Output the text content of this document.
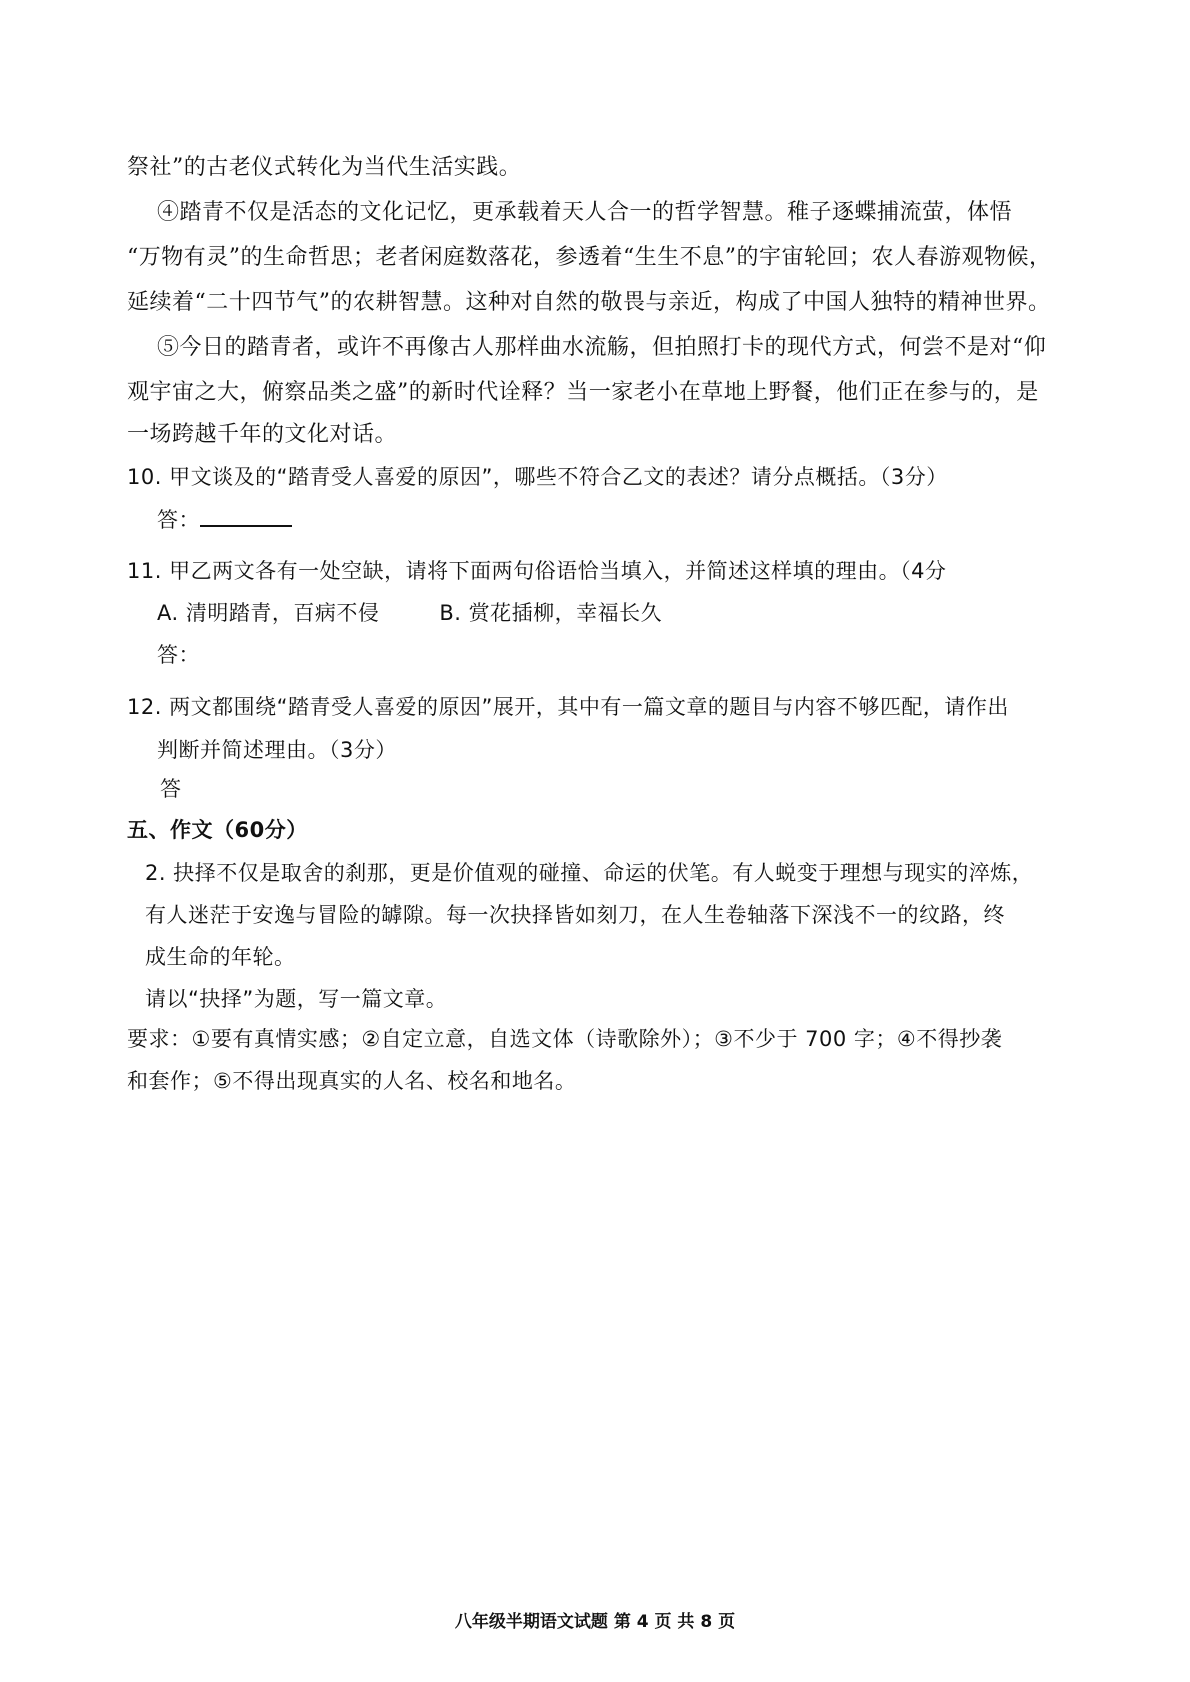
祭社”的古老仪式转化为当代生活实践。
④踏青不仅是活态的文化记忆，更承载着天人合一的哲学智慧。稚子逐蝶捕流萤，体悟
“万物有灵”的生命哲思；老者闲庭数落花，参透着“生生不息”的宇宙轮回；农人春游观物候，
延续着“二十四节气”的农耕智慧。这种对自然的敬畏与亲近，构成了中国人独特的精神世界。
⑤今日的踏青者，或许不再像古人那样曲水流觞，但拍照打卡的现代方式，何尝不是对“仰
观宇宙之大，俯察品类之盛”的新时代诠释？当一家老小在草地上野餐，他们正在参与的，是
一场跨越千年的文化对话。
10. 甲文谈及的“踏青受人喜爱的原因”，哪些不符合乙文的表述？请分点概括。（3分）
答：
11. 甲乙两文各有一处空缺，请将下面两句俗语恰当填入，并简述这样填的理由。（4分
A. 清明踏青，百病不侵	B. 赏花插柳，幸福长久
答：
12. 两文都围绕“踏青受人喜爱的原因”展开，其中有一篇文章的题目与内容不够匹配，请作出
判断并简述理由。（3分）
答
五、作文（60分）
2. 抉择不仅是取舍的刹那，更是价值观的碰撞、命运的伏笔。有人蜕变于理想与现实的淬炼，
有人迷茫于安逸与冒险的罅隙。每一次抉择皆如刻刀，在人生卷轴落下深浅不一的纹路，终
成生命的年轮。
请以“抉择”为题，写一篇文章。
要求：①要有真情实感；②自定立意，自选文体（诗歌除外）；③不少于 700 字；④不得抄袭
和套作；⑤不得出现真实的人名、校名和地名。
八年级半期语文试题 第 4 页 共 8 页
